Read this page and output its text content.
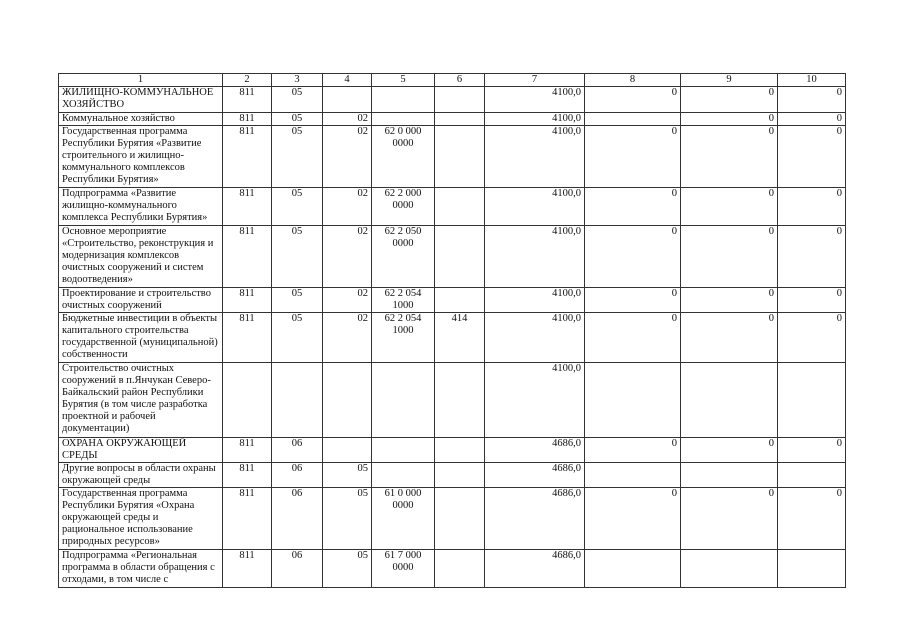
1	2	3	4	5	6	7	8	9	10
ЖИЛИЩНО-КОММУНАЛЬНОЕ ХОЗЯЙСТВО	811	05				4100,0	0	0	0
Коммунальное хозяйство	811	05	02			4100,0		0	0
Государственная программа Республики Бурятия «Развитие строительного и жилищно-коммунального комплексов Республики Бурятия»	811	05	02	62 0 000 0000		4100,0	0	0	0
Подпрограмма «Развитие жилищно-коммунального комплекса Республики Бурятия»	811	05	02	62 2 000 0000		4100,0	0	0	0
Основное мероприятие «Строительство, реконструкция и модернизация комплексов очистных сооружений и систем водоотведения»	811	05	02	62 2 050 0000		4100,0	0	0	0
Проектирование и строительство очистных сооружений	811	05	02	62 2 054 1000		4100,0	0	0	0
Бюджетные инвестиции в объекты капитального строительства государственной (муниципальной) собственности	811	05	02	62 2 054 1000	414	4100,0	0	0	0
Строительство очистных сооружений в п.Янчукан Северо-Байкальский район Республики Бурятия (в том числе разработка проектной и рабочей документации)						4100,0			
ОХРАНА ОКРУЖАЮЩЕЙ СРЕДЫ	811	06				4686,0	0	0	0
Другие вопросы в области охраны окружающей среды	811	06	05			4686,0			
Государственная программа Республики Бурятия «Охрана окружающей среды и рациональное использование природных ресурсов»	811	06	05	61 0 000 0000		4686,0	0	0	0
Подпрограмма «Региональная программа в области обращения с отходами, в том числе с	811	06	05	61 7 000 0000		4686,0			
